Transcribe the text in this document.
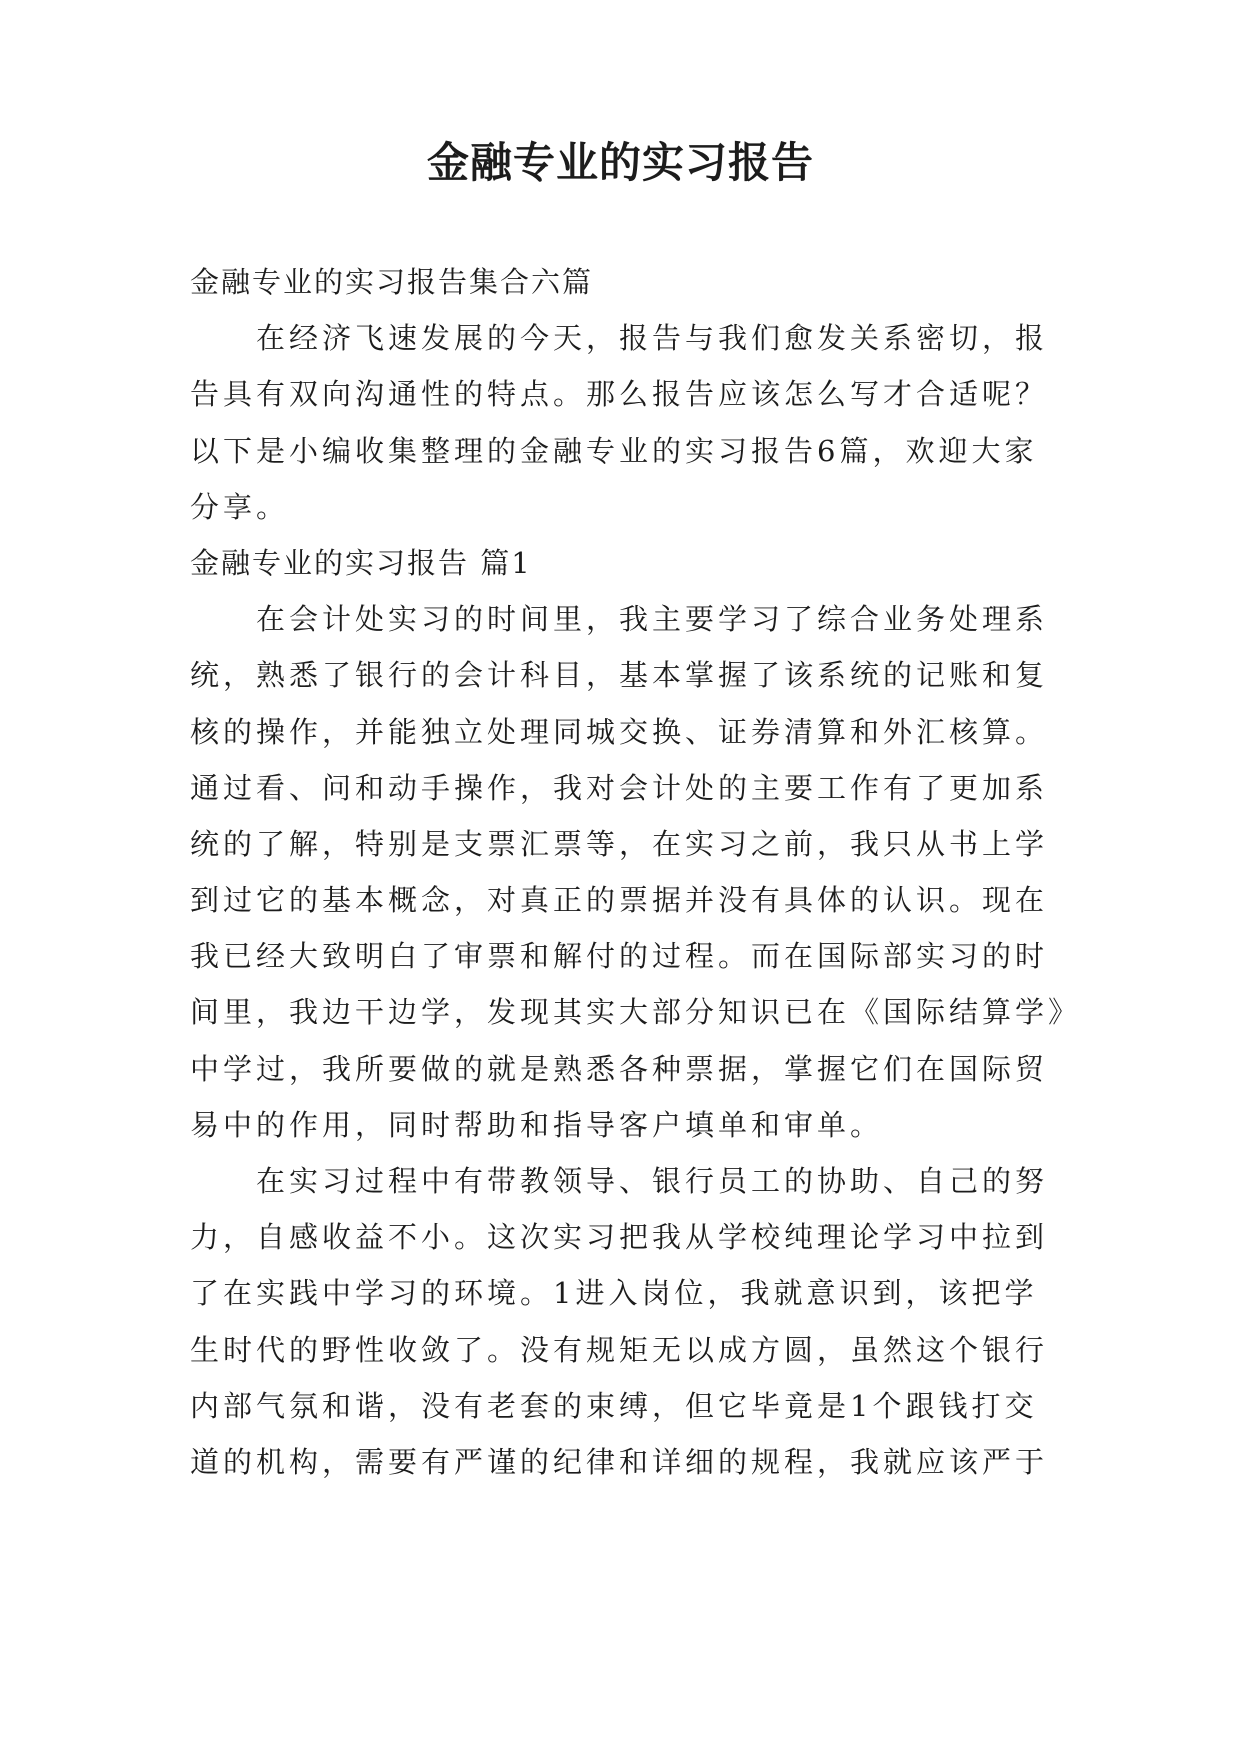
金融专业的实习报告
金融专业的实习报告集合六篇
在经济飞速发展的今天，报告与我们愈发关系密切，报
告具有双向沟通性的特点。那么报告应该怎么写才合适呢？
以下是小编收集整理的金融专业的实习报告6篇，欢迎大家
分享。
金融专业的实习报告 篇1
在会计处实习的时间里，我主要学习了综合业务处理系
统，熟悉了银行的会计科目，基本掌握了该系统的记账和复
核的操作，并能独立处理同城交换、证券清算和外汇核算。
通过看、问和动手操作，我对会计处的主要工作有了更加系
统的了解，特别是支票汇票等，在实习之前，我只从书上学
到过它的基本概念，对真正的票据并没有具体的认识。现在
我已经大致明白了审票和解付的过程。而在国际部实习的时
间里，我边干边学，发现其实大部分知识已在《国际结算学》
中学过，我所要做的就是熟悉各种票据，掌握它们在国际贸
易中的作用，同时帮助和指导客户填单和审单。
在实习过程中有带教领导、银行员工的协助、自己的努
力，自感收益不小。这次实习把我从学校纯理论学习中拉到
了在实践中学习的环境。1进入岗位，我就意识到，该把学
生时代的野性收敛了。没有规矩无以成方圆，虽然这个银行
内部气氛和谐，没有老套的束缚，但它毕竟是1个跟钱打交
道的机构，需要有严谨的纪律和详细的规程，我就应该严于
